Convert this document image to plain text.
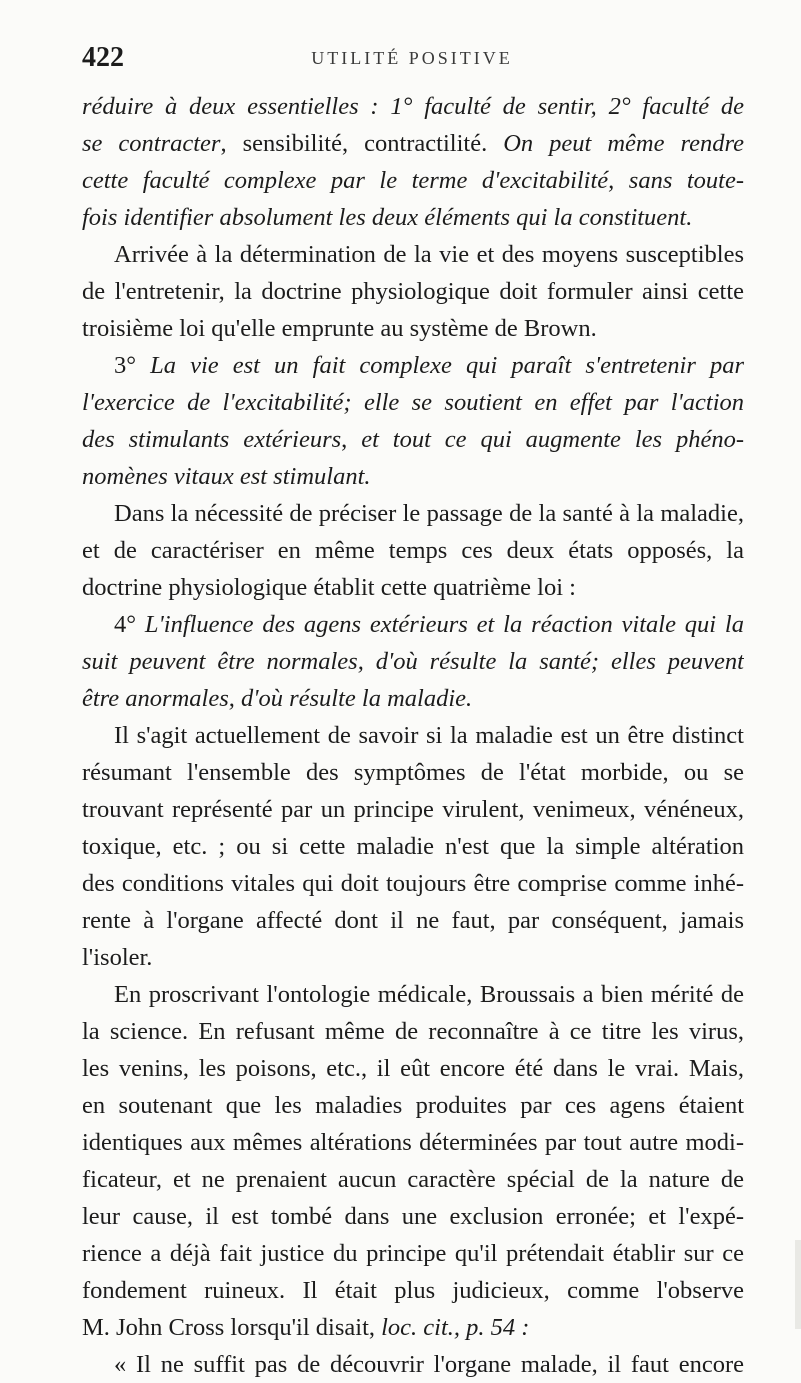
422	UTILITÉ POSITIVE
réduire à deux essentielles : 1° faculté de sentir, 2° faculté de
se contracter, sensibilité, contractilité. On peut même rendre
cette faculté complexe par le terme d'excitabilité, sans toute-
fois identifier absolument les deux éléments qui la constituent.
Arrivée à la détermination de la vie et des moyens susceptibles
de l'entretenir, la doctrine physiologique doit formuler ainsi cette
troisième loi qu'elle emprunte au système de Brown.
3° La vie est un fait complexe qui paraît s'entretenir par
l'exercice de l'excitabilité; elle se soutient en effet par l'action
des stimulants extérieurs, et tout ce qui augmente les phéno-
nomènes vitaux est stimulant.
Dans la nécessité de préciser le passage de la santé à la maladie,
et de caractériser en même temps ces deux états opposés, la
doctrine physiologique établit cette quatrième loi :
4° L'influence des agens extérieurs et la réaction vitale qui la
suit peuvent être normales, d'où résulte la santé; elles peuvent
être anormales, d'où résulte la maladie.
Il s'agit actuellement de savoir si la maladie est un être distinct
résumant l'ensemble des symptômes de l'état morbide, ou se
trouvant représenté par un principe virulent, venimeux, vénéneux,
toxique, etc. ; ou si cette maladie n'est que la simple altération
des conditions vitales qui doit toujours être comprise comme inhé-
rente à l'organe affecté dont il ne faut, par conséquent, jamais
l'isoler.
En proscrivant l'ontologie médicale, Broussais a bien mérité de
la science. En refusant même de reconnaître à ce titre les virus,
les venins, les poisons, etc., il eût encore été dans le vrai. Mais,
en soutenant que les maladies produites par ces agens étaient
identiques aux mêmes altérations déterminées par tout autre modi-
ficateur, et ne prenaient aucun caractère spécial de la nature de
leur cause, il est tombé dans une exclusion erronée; et l'expé-
rience a déjà fait justice du principe qu'il prétendait établir sur ce
fondement ruineux. Il était plus judicieux, comme l'observe
M. John Cross lorsqu'il disait, loc. cit., p. 54 :
« Il ne suffit pas de découvrir l'organe malade, il faut encore
